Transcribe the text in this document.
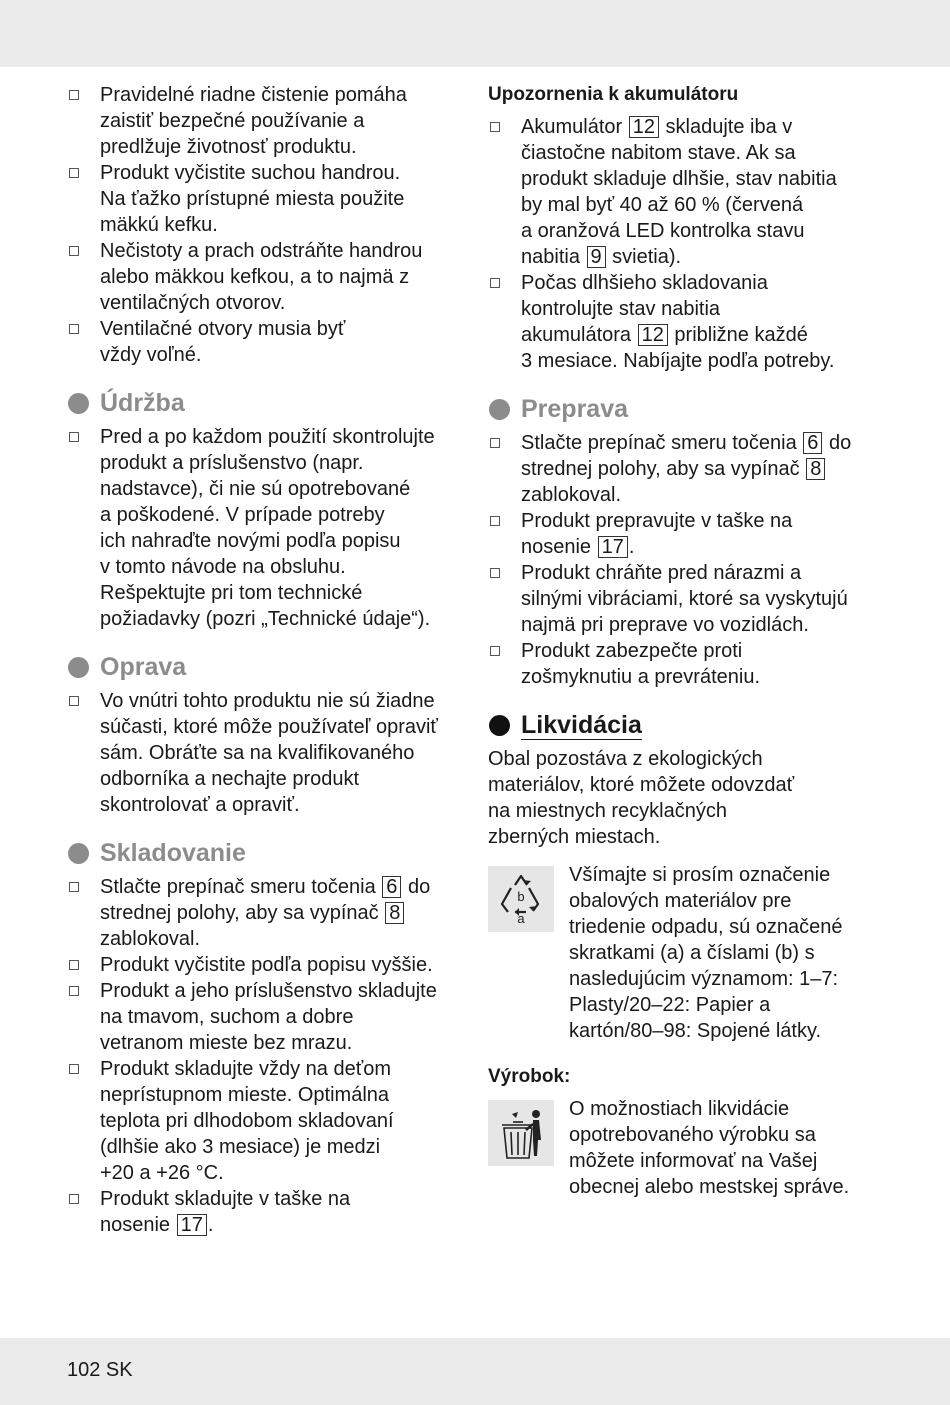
Pravidelné riadne čistenie pomáha
zaistiť bezpečné používanie a
predlžuje životnosť produktu.
Produkt vyčistite suchou handrou.
Na ťažko prístupné miesta použite
mäkkú kefku.
Nečistoty a prach odstráňte handrou
alebo mäkkou kefkou, a to najmä z
ventilačných otvorov.
Ventilačné otvory musia byť
vždy voľné.
Údržba
Pred a po každom použití skontrolujte
produkt a príslušenstvo (napr.
nadstavce), či nie sú opotrebované
a poškodené. V prípade potreby
ich nahraďte novými podľa popisu
v tomto návode na obsluhu.
Rešpektujte pri tom technické
požiadavky (pozri „Technické údaje“).
Oprava
Vo vnútri tohto produktu nie sú žiadne
súčasti, ktoré môže používateľ opraviť
sám. Obráťte sa na kvalifikovaného
odborníka a nechajte produkt
skontrolovať a opraviť.
Skladovanie
Stlačte prepínač smeru točenia 6 do
strednej polohy, aby sa vypínač 8
zablokoval.
Produkt vyčistite podľa popisu vyššie.
Produkt a jeho príslušenstvo skladujte
na tmavom, suchom a dobre
vetranom mieste bez mrazu.
Produkt skladujte vždy na deťom
neprístupnom mieste. Optimálna
teplota pri dlhodobom skladovaní
(dlhšie ako 3 mesiace) je medzi
+20 a +26 °C.
Produkt skladujte v taške na
nosenie 17 .
Upozornenia k akumulátoru
Akumulátor 12 skladujte iba v
čiastočne nabitom stave. Ak sa
produkt skladuje dlhšie, stav nabitia
by mal byť 40 až 60 % (červená
a oranžová LED kontrolka stavu
nabitia 9 svietia).
Počas dlhšieho skladovania
kontrolujte stav nabitia
akumulátora 12 približne každé
3 mesiace. Nabíjajte podľa potreby.
Preprava
Stlačte prepínač smeru točenia 6 do
strednej polohy, aby sa vypínač 8
zablokoval.
Produkt prepravujte v taške na
nosenie 17 .
Produkt chráňte pred nárazmi a
silnými vibráciami, ktoré sa vyskytujú
najmä pri preprave vo vozidlách.
Produkt zabezpečte proti
zošmyknutiu a prevráteniu.
Likvidácia

Obal pozostáva z ekologických
materiálov, ktoré môžete odovzdať
na miestnych recyklačných
zberných miestach.

b
a

Všímajte si prosím označenie
obalových materiálov pre
triedenie odpadu, sú označené
skratkami (a) a číslami (b) s
nasledujúcim významom: 1–7:
Plasty/20–22: Papier a
kartón/80–98: Spojené látky.

Výrobok:

O možnostiach likvidácie
opotrebovaného výrobku sa
môžete informovať na Vašej
obecnej alebo mestskej správe.

102 SK
